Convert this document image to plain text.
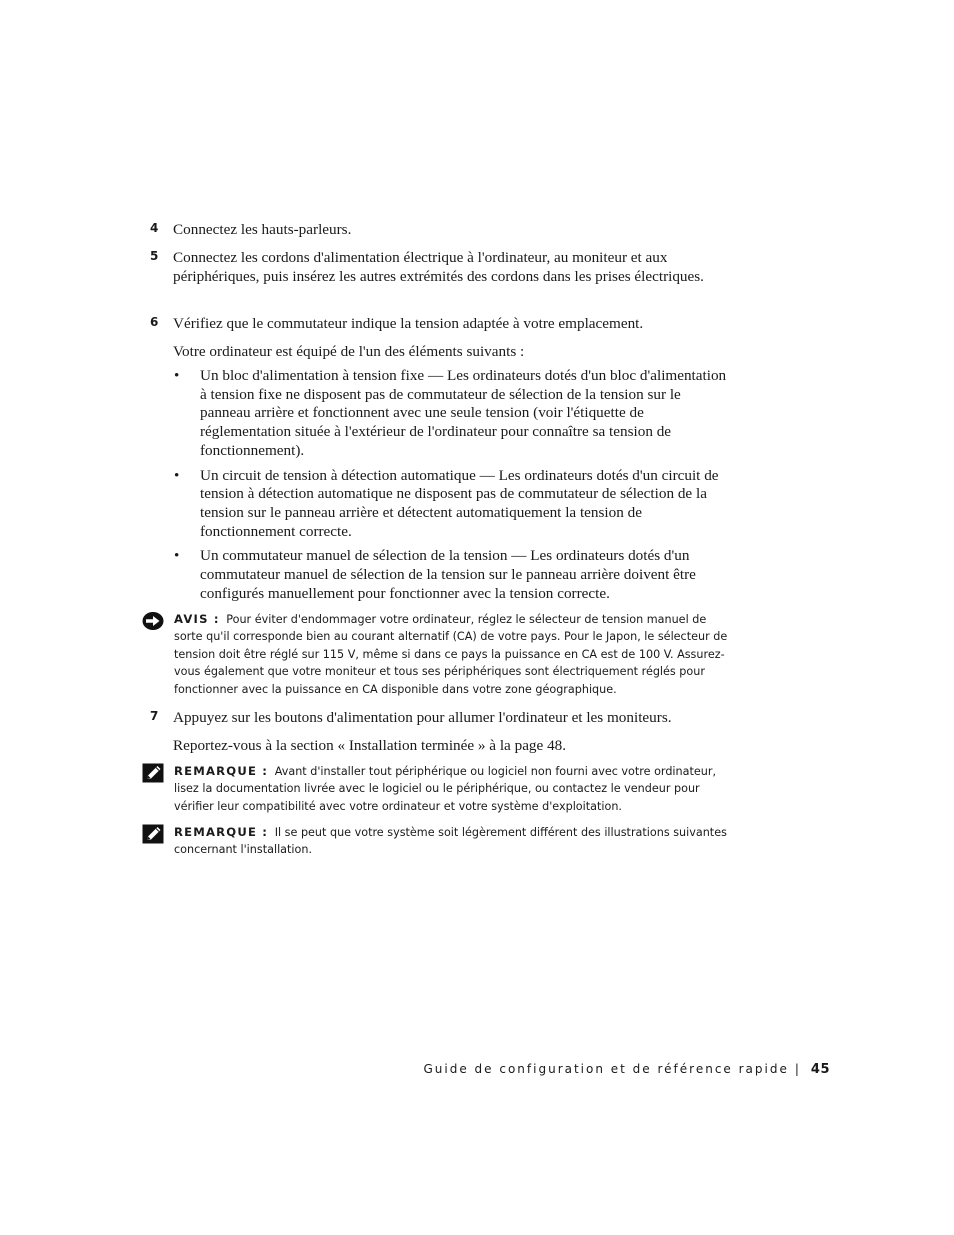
4 Connectez les hauts-parleurs.
5 Connectez les cordons d'alimentation électrique à l'ordinateur, au moniteur et aux périphériques, puis insérez les autres extrémités des cordons dans les prises électriques.
6 Vérifiez que le commutateur indique la tension adaptée à votre emplacement.
Votre ordinateur est équipé de l'un des éléments suivants :
• Un bloc d'alimentation à tension fixe — Les ordinateurs dotés d'un bloc d'alimentation à tension fixe ne disposent pas de commutateur de sélection de la tension sur le panneau arrière et fonctionnent avec une seule tension (voir l'étiquette de réglementation située à l'extérieur de l'ordinateur pour connaître sa tension de fonctionnement).
• Un circuit de tension à détection automatique — Les ordinateurs dotés d'un circuit de tension à détection automatique ne disposent pas de commutateur de sélection de la tension sur le panneau arrière et détectent automatiquement la tension de fonctionnement correcte.
• Un commutateur manuel de sélection de la tension — Les ordinateurs dotés d'un commutateur manuel de sélection de la tension sur le panneau arrière doivent être configurés manuellement pour fonctionner avec la tension correcte.
AVIS : Pour éviter d'endommager votre ordinateur, réglez le sélecteur de tension manuel de sorte qu'il corresponde bien au courant alternatif (CA) de votre pays. Pour le Japon, le sélecteur de tension doit être réglé sur 115 V, même si dans ce pays la puissance en CA est de 100 V. Assurez-vous également que votre moniteur et tous ses périphériques sont électriquement réglés pour fonctionner avec la puissance en CA disponible dans votre zone géographique.
7 Appuyez sur les boutons d'alimentation pour allumer l'ordinateur et les moniteurs.
Reportez-vous à la section « Installation terminée » à la page 48.
REMARQUE : Avant d'installer tout périphérique ou logiciel non fourni avec votre ordinateur, lisez la documentation livrée avec le logiciel ou le périphérique, ou contactez le vendeur pour vérifier leur compatibilité avec votre ordinateur et votre système d'exploitation.
REMARQUE : Il se peut que votre système soit légèrement différent des illustrations suivantes concernant l'installation.
Guide de configuration et de référence rapide | 45
